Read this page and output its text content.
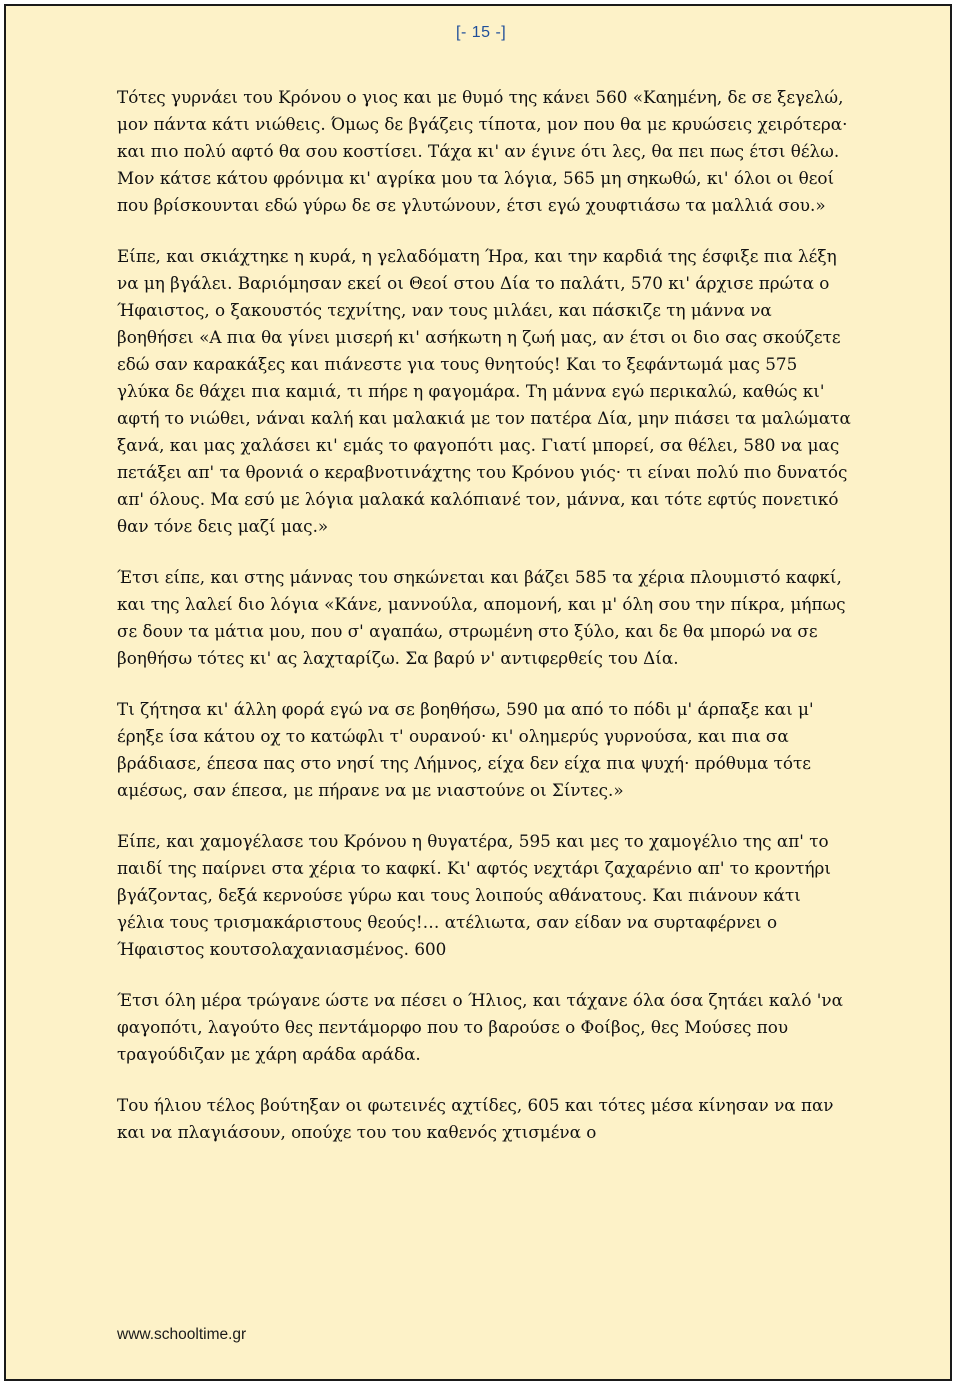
[- 15 -]

Τότες γυρνάει του Κρόνου ο γιος και με θυμό της κάνει 560 «Καημένη, δε σε ξεγελώ, μον πάντα κάτι νιώθεις. Όμως δε βγάζεις τίποτα, μον που θα με κρυώσεις χειρότερα· και πιο πολύ αφτό θα σου κοστίσει. Τάχα κι' αν έγινε ότι λες, θα πει πως έτσι θέλω. Μον κάτσε κάτου φρόνιμα κι' αγρίκα μου τα λόγια, 565 μη σηκωθώ, κι' όλοι οι θεοί που βρίσκουνται εδώ γύρω δε σε γλυτώνουν, έτσι εγώ χουφτιάσω τα μαλλιά σου.»

Είπε, και σκιάχτηκε η κυρά, η γελαδόματη Ήρα, και την καρδιά της έσφιξε πια λέξη να μη βγάλει. Βαριόμησαν εκεί οι Θεοί στου Δία το παλάτι, 570 κι' άρχισε πρώτα ο Ήφαιστος, ο ξακουστός τεχνίτης, ναν τους μιλάει, και πάσκιζε τη μάννα να βοηθήσει «Α πια θα γίνει μισερή κι' ασήκωτη η ζωή μας, αν έτσι οι διο σας σκούζετε εδώ σαν καρακάξες και πιάνεστε για τους θνητούς! Και το ξεφάντωμά μας 575 γλύκα δε θάχει πια καμιά, τι πήρε η φαγομάρα. Τη μάννα εγώ περικαλώ, καθώς κι' αφτή το νιώθει, νάναι καλή και μαλακιά με τον πατέρα Δία, μην πιάσει τα μαλώματα ξανά, και μας χαλάσει κι' εμάς το φαγοπότι μας. Γιατί μπορεί, σα θέλει, 580 να μας πετάξει απ' τα θρονιά ο κεραβνοτινάχτης του Κρόνου γιός· τι είναι πολύ πιο δυνατός απ' όλους. Μα εσύ με λόγια μαλακά καλόπιανέ τον, μάννα, και τότε εφτύς πονετικό θαν τόνε δεις μαζί μας.»

Έτσι είπε, και στης μάννας του σηκώνεται και βάζει 585 τα χέρια πλουμιστό καφκί, και της λαλεί διο λόγια «Κάνε, μαννούλα, απομονή, και μ' όλη σου την πίκρα, μήπως σε δουν τα μάτια μου, που σ' αγαπάω, στρωμένη στο ξύλο, και δε θα μπορώ να σε βοηθήσω τότες κι' ας λαχταρίζω. Σα βαρύ ν' αντιφερθείς του Δία.

Τι ζήτησα κι' άλλη φορά εγώ να σε βοηθήσω, 590 μα από το πόδι μ' άρπαξε και μ' έρηξε ίσα κάτου οχ το κατώφλι τ' ουρανού· κι' ολημερύς γυρνούσα, και πια σα βράδιασε, έπεσα πας στο νησί της Λήμνος, είχα δεν είχα πια ψυχή· πρόθυμα τότε αμέσως, σαν έπεσα, με πήρανε να με νιαστούνε οι Σίντες.»

Είπε, και χαμογέλασε του Κρόνου η θυγατέρα, 595 και μες το χαμογέλιο της απ' το παιδί της παίρνει στα χέρια το καφκί. Κι' αφτός νεχτάρι ζαχαρένιο απ' το κροντήρι βγάζοντας, δεξά κερνούσε γύρω και τους λοιπούς αθάνατους. Και πιάνουν κάτι γέλια τους τρισμακάριστους θεούς!… ατέλιωτα, σαν είδαν να συρταφέρνει ο Ήφαιστος κουτσολαχανιασμένος. 600

Έτσι όλη μέρα τρώγανε ώστε να πέσει ο Ήλιος, και τάχανε όλα όσα ζητάει καλό 'να φαγοπότι, λαγούτο θες πεντάμορφο που το βαρούσε ο Φοίβος, θες Μούσες που τραγούδιζαν με χάρη αράδα αράδα.

Του ήλιου τέλος βούτηξαν οι φωτεινές αχτίδες, 605 και τότες μέσα κίνησαν να παν και να πλαγιάσουν, οπούχε του του καθενός χτισμένα ο

www.schooltime.gr
